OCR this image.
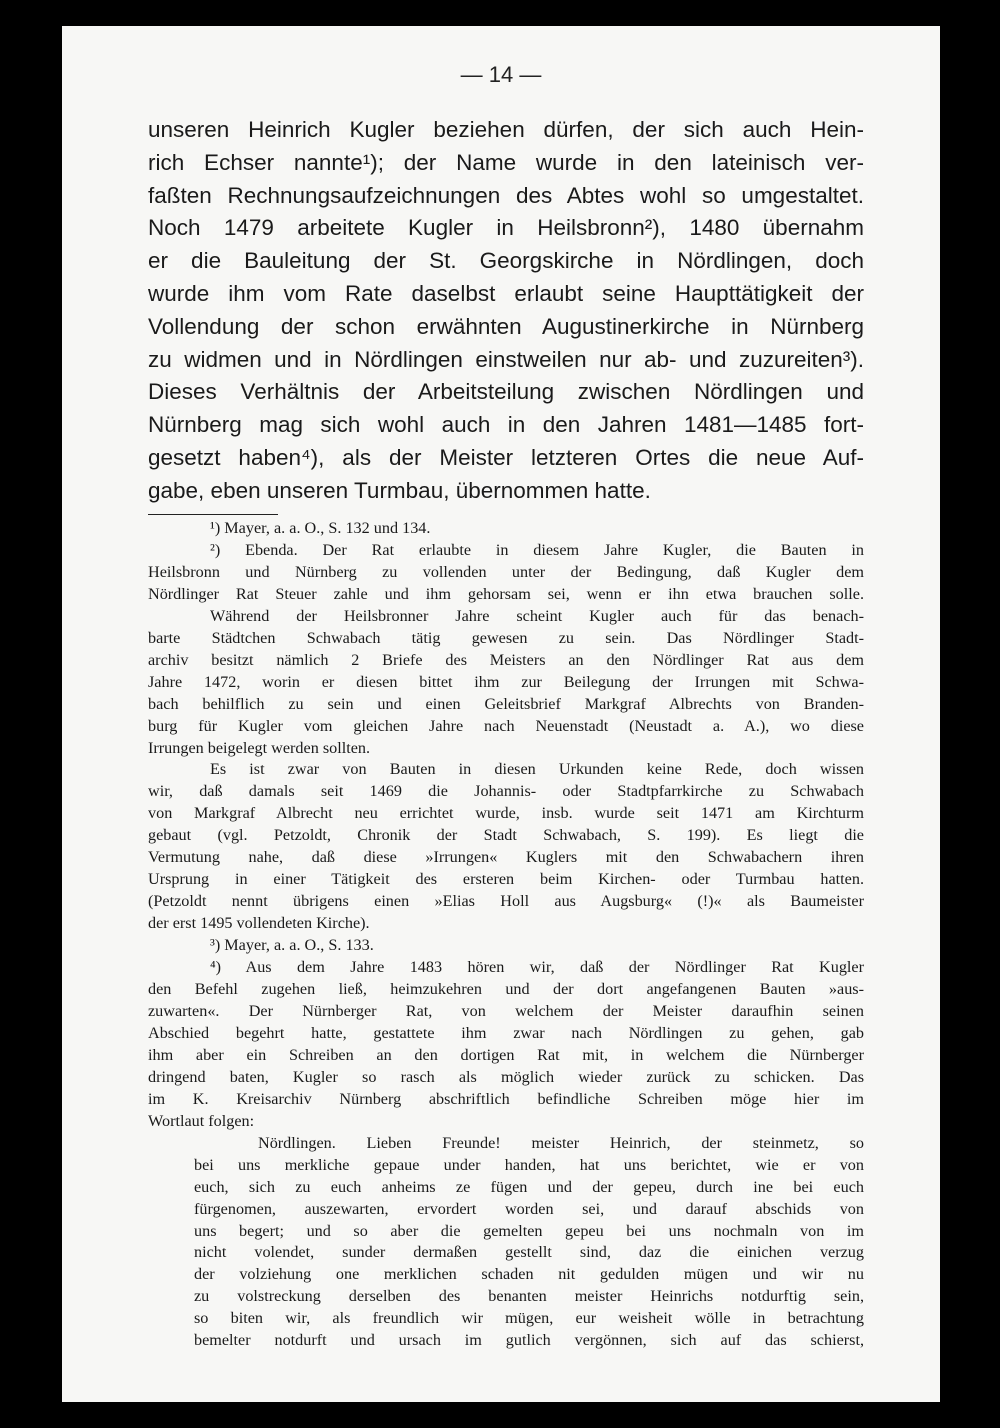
— 14 —
unseren Heinrich Kugler beziehen dürfen, der sich auch Hein-
rich Echser nannte¹); der Name wurde in den lateinisch ver-
faßten Rechnungsaufzeichnungen des Abtes wohl so umgestaltet.
Noch 1479 arbeitete Kugler in Heilsbronn²), 1480 übernahm
er die Bauleitung der St. Georgskirche in Nördlingen, doch
wurde ihm vom Rate daselbst erlaubt seine Haupttätigkeit der
Vollendung der schon erwähnten Augustinerkirche in Nürnberg
zu widmen und in Nördlingen einstweilen nur ab- und zuzureiten³).
Dieses Verhältnis der Arbeitsteilung zwischen Nördlingen und
Nürnberg mag sich wohl auch in den Jahren 1481—1485 fort-
gesetzt haben⁴), als der Meister letzteren Ortes die neue Auf-
gabe, eben unseren Turmbau, übernommen hatte.
¹) Mayer, a. a. O., S. 132 und 134.
²) Ebenda. Der Rat erlaubte in diesem Jahre Kugler, die Bauten in
Heilsbronn und Nürnberg zu vollenden unter der Bedingung, daß Kugler dem
Nördlinger Rat Steuer zahle und ihm gehorsam sei, wenn er ihn etwa brauchen solle.
Während der Heilsbronner Jahre scheint Kugler auch für das benach-
barte Städtchen Schwabach tätig gewesen zu sein. Das Nördlinger Stadt-
archiv besitzt nämlich 2 Briefe des Meisters an den Nördlinger Rat aus dem
Jahre 1472, worin er diesen bittet ihm zur Beilegung der Irrungen mit Schwa-
bach behilflich zu sein und einen Geleitsbrief Markgraf Albrechts von Branden-
burg für Kugler vom gleichen Jahre nach Neuenstadt (Neustadt a. A.), wo diese
Irrungen beigelegt werden sollten.
Es ist zwar von Bauten in diesen Urkunden keine Rede, doch wissen
wir, daß damals seit 1469 die Johannis- oder Stadtpfarrkirche zu Schwabach
von Markgraf Albrecht neu errichtet wurde, insb. wurde seit 1471 am Kirchturm
gebaut (vgl. Petzoldt, Chronik der Stadt Schwabach, S. 199). Es liegt die
Vermutung nahe, daß diese »Irrungen« Kuglers mit den Schwabachern ihren
Ursprung in einer Tätigkeit des ersteren beim Kirchen- oder Turmbau hatten.
(Petzoldt nennt übrigens einen »Elias Holl aus Augsburg« (!)« als Baumeister
der erst 1495 vollendeten Kirche).
³) Mayer, a. a. O., S. 133.
⁴) Aus dem Jahre 1483 hören wir, daß der Nördlinger Rat Kugler
den Befehl zugehen ließ, heimzukehren und der dort angefangenen Bauten »aus-
zuwarten«. Der Nürnberger Rat, von welchem der Meister daraufhin seinen
Abschied begehrt hatte, gestattete ihm zwar nach Nördlingen zu gehen, gab
ihm aber ein Schreiben an den dortigen Rat mit, in welchem die Nürnberger
dringend baten, Kugler so rasch als möglich wieder zurück zu schicken. Das
im K. Kreisarchiv Nürnberg abschriftlich befindliche Schreiben möge hier im
Wortlaut folgen:
Nördlingen. Lieben Freunde! meister Heinrich, der steinmetz, so
bei uns merkliche gepaue under handen, hat uns berichtet, wie er von
euch, sich zu euch anheims ze fügen und der gepeu, durch ine bei euch
fürgenomen, auszewarten, ervordert worden sei, und darauf abschids von
uns begert; und so aber die gemelten gepeu bei uns nochmaln von im
nicht volendet, sunder dermaßen gestellt sind, daz die einichen verzug
der volziehung one merklichen schaden nit gedulden mügen und wir nu
zu volstreckung derselben des benanten meister Heinrichs notdurftig sein,
so biten wir, als freundlich wir mügen, eur weisheit wölle in betrachtung
bemelter notdurft und ursach im gutlich vergönnen, sich auf das schierst,
